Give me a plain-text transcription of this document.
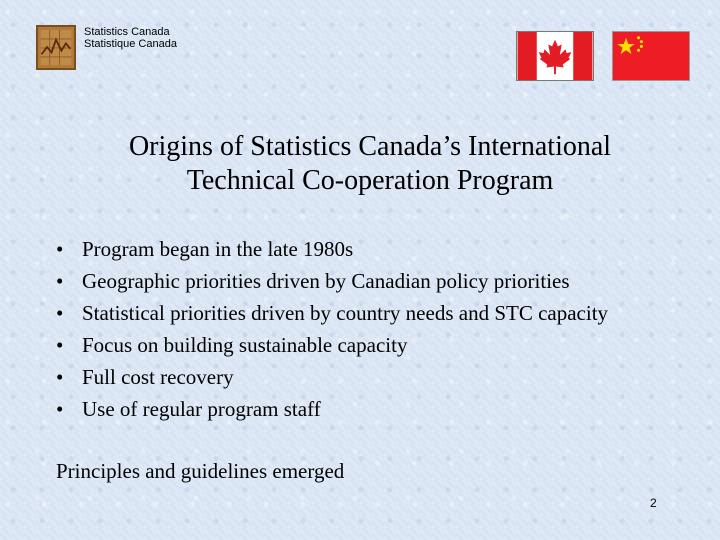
Statistics Canada
Statistique Canada
Origins of Statistics Canada’s International
Technical Co-operation Program
• Program began in the late 1980s
• Geographic priorities driven by Canadian policy priorities
• Statistical priorities driven by country needs and STC capacity
• Focus on building sustainable capacity
• Full cost recovery
• Use of regular program staff
Principles and guidelines emerged
2
